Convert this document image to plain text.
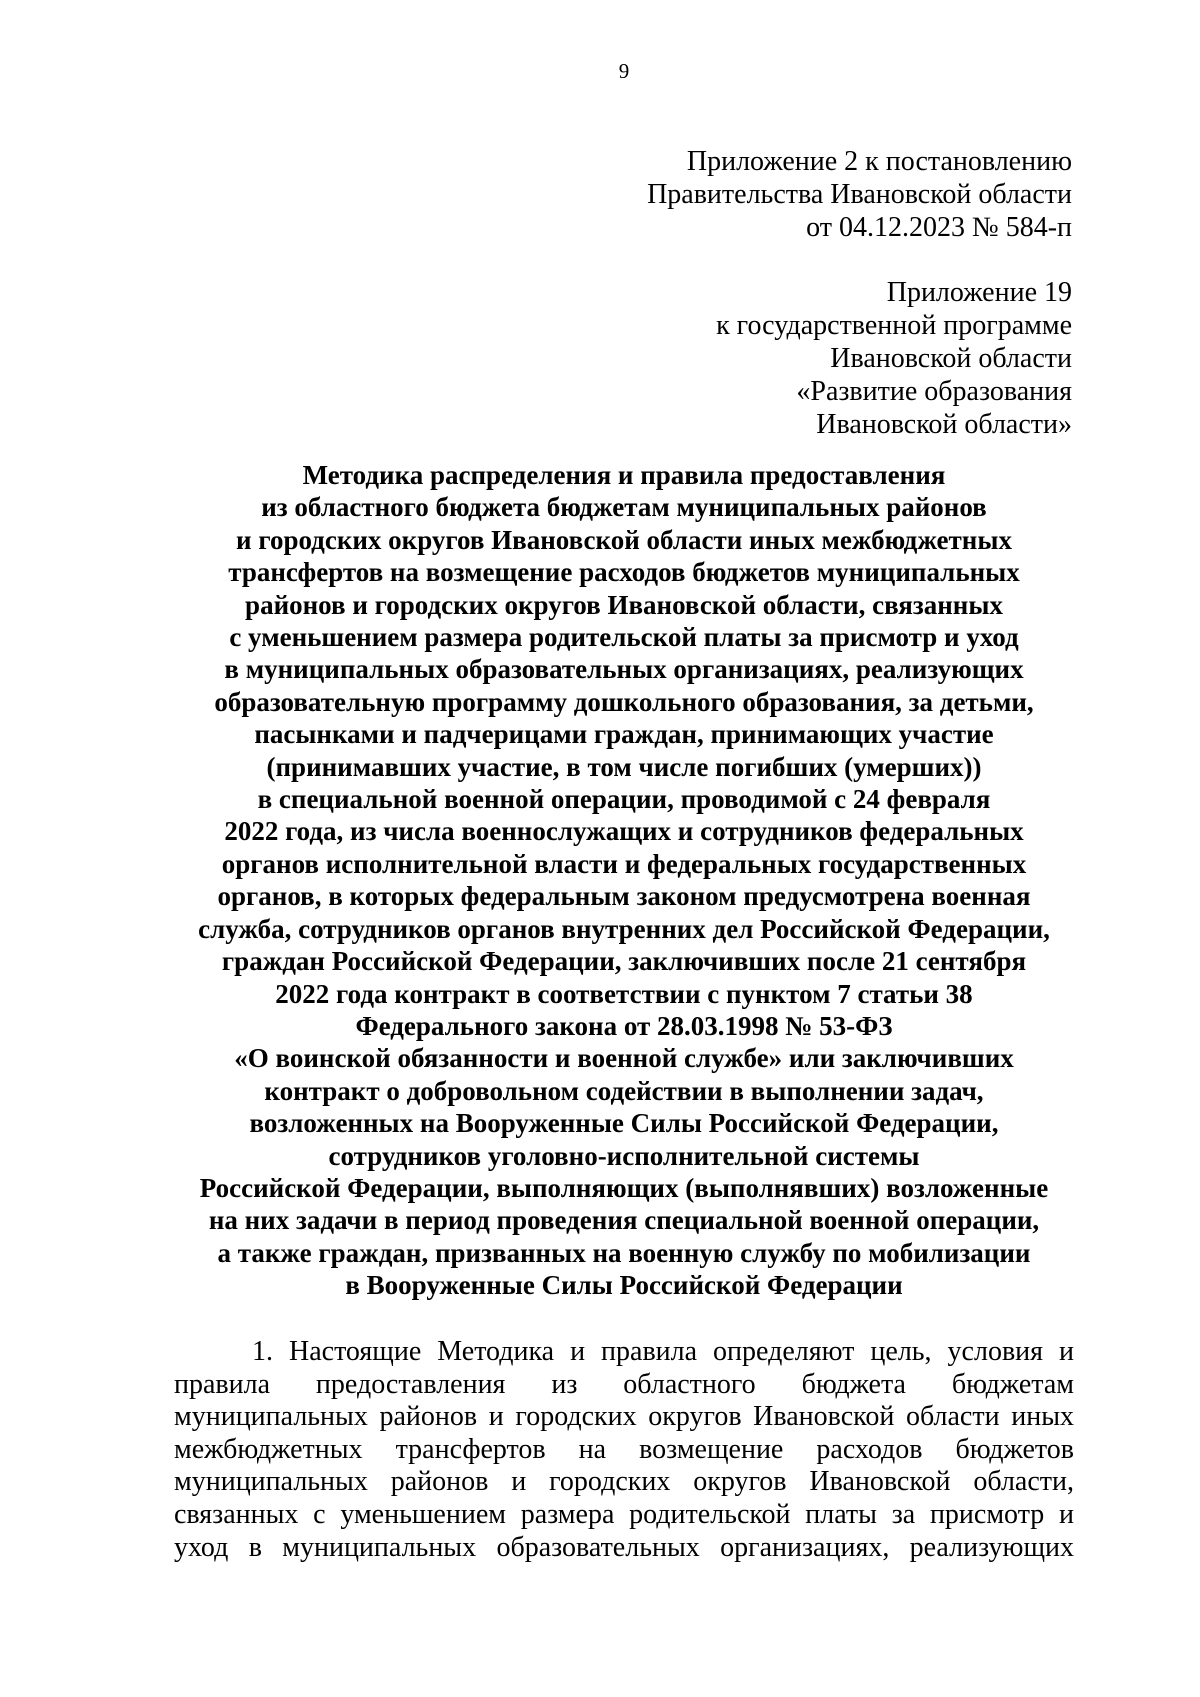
9
Приложение 2 к постановлению
Правительства Ивановской области
от 04.12.2023 № 584-п
Приложение 19
к государственной программе
Ивановской области
«Развитие образования
Ивановской области»
Методика распределения и правила предоставления
из областного бюджета бюджетам муниципальных районов
и городских округов Ивановской области иных межбюджетных
трансфертов на возмещение расходов бюджетов муниципальных
районов и городских округов Ивановской области, связанных
с уменьшением размера родительской платы за присмотр и уход
в муниципальных образовательных организациях, реализующих
образовательную программу дошкольного образования, за детьми,
пасынками и падчерицами граждан, принимающих участие
(принимавших участие, в том числе погибших (умерших))
в специальной военной операции, проводимой с 24 февраля
2022 года, из числа военнослужащих и сотрудников федеральных
органов исполнительной власти и федеральных государственных
органов, в которых федеральным законом предусмотрена военная
служба, сотрудников органов внутренних дел Российской Федерации,
граждан Российской Федерации, заключивших после 21 сентября
2022 года контракт в соответствии с пунктом 7 статьи 38
Федерального закона от 28.03.1998 № 53-ФЗ
«О воинской обязанности и военной службе» или заключивших
контракт о добровольном содействии в выполнении задач,
возложенных на Вооруженные Силы Российской Федерации,
сотрудников уголовно-исполнительной системы
Российской Федерации, выполняющих (выполнявших) возложенные
на них задачи в период проведения специальной военной операции,
а также граждан, призванных на военную службу по мобилизации
в Вооруженные Силы Российской Федерации
1. Настоящие Методика и правила определяют цель, условия и
правила предоставления из областного бюджета бюджетам
муниципальных районов и городских округов Ивановской области иных
межбюджетных трансфертов на возмещение расходов бюджетов
муниципальных районов и городских округов Ивановской области,
связанных с уменьшением размера родительской платы за присмотр и
уход в муниципальных образовательных организациях, реализующих
